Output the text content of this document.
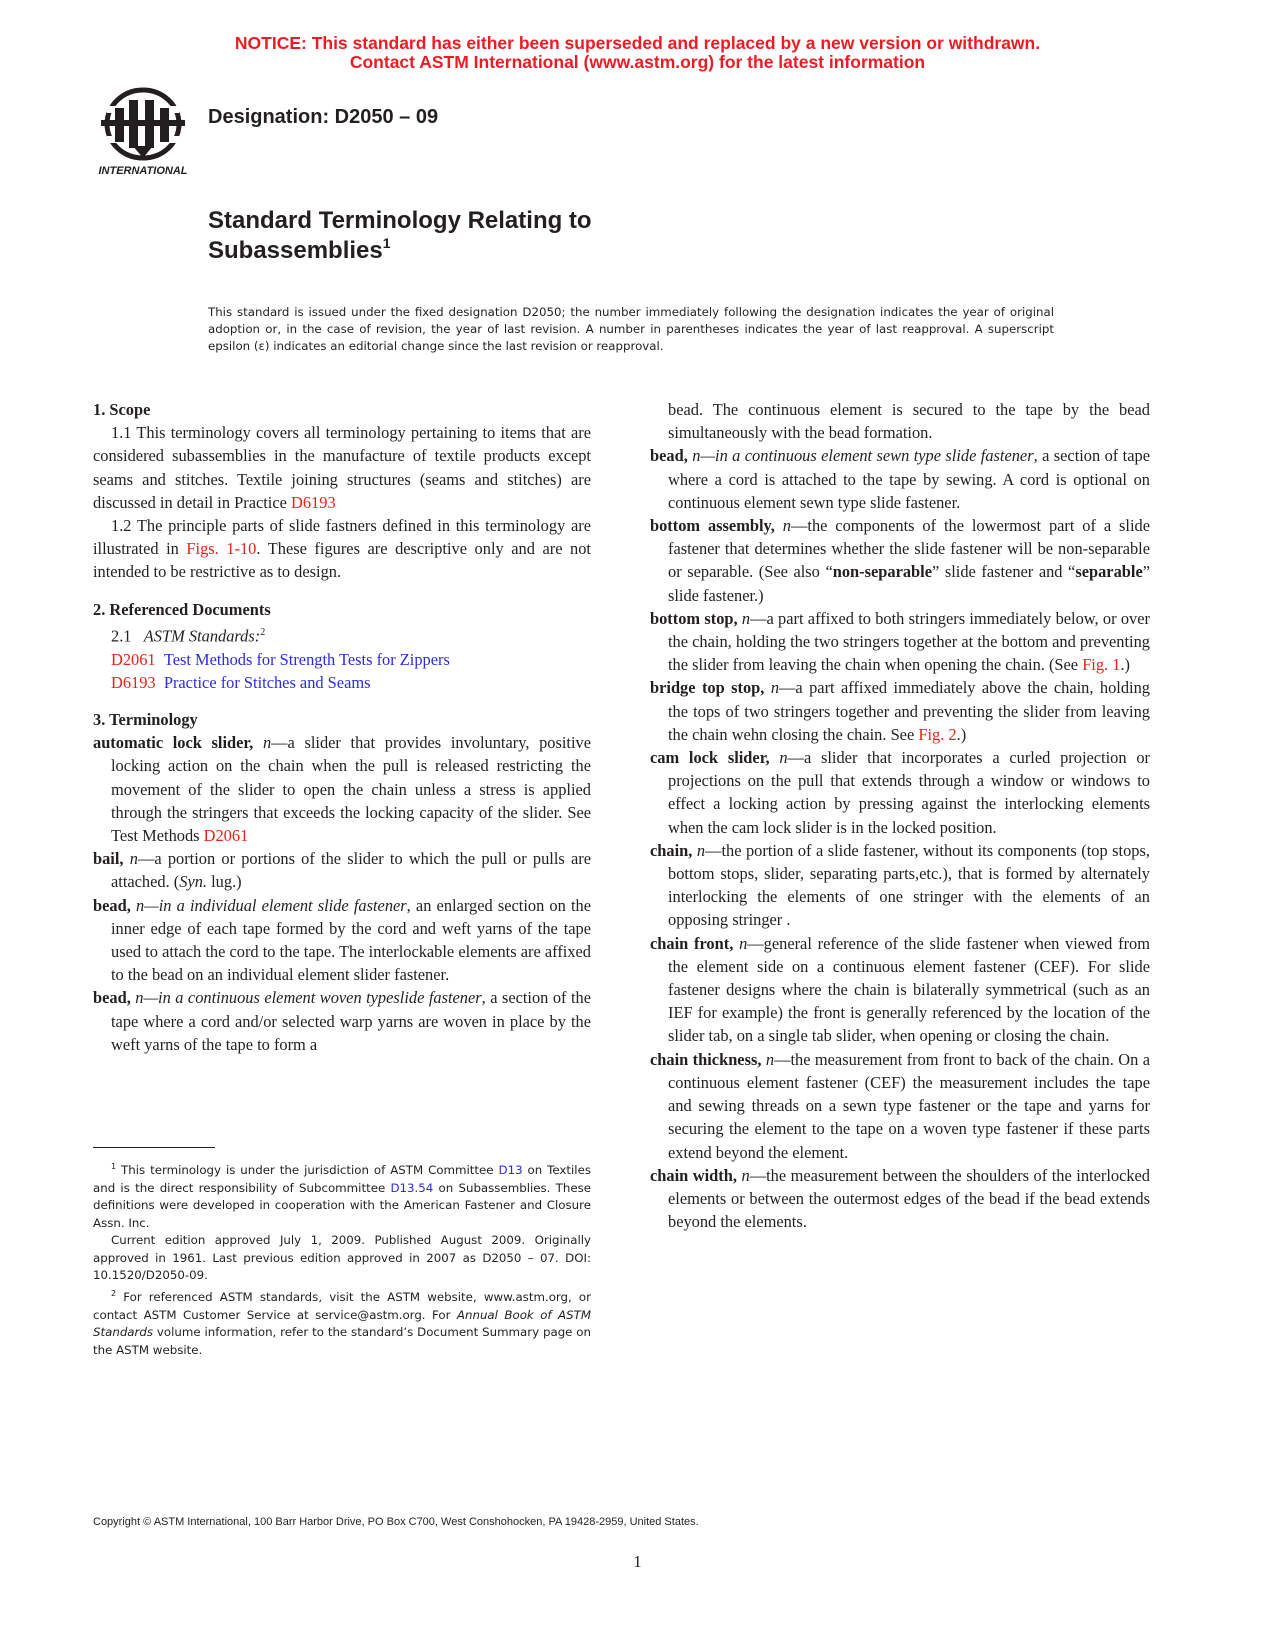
NOTICE: This standard has either been superseded and replaced by a new version or withdrawn.
Contact ASTM International (www.astm.org) for the latest information
INTERNATIONAL
Designation: D2050 – 09
Standard Terminology Relating to
Subassemblies$^1$
This standard is issued under the fixed designation D2050; the number immediately following the designation indicates the year of original adoption or, in the case of revision, the year of last revision. A number in parentheses indicates the year of last reapproval. A superscript epsilon (ε) indicates an editorial change since the last revision or reapproval.

1. Scope

1.1 This terminology covers all terminology pertaining to items that are considered subassemblies in the manufacture of textile products except seams and stitches. Textile joining structures (seams and stitches) are discussed in detail in Practice D6193

1.2 The principle parts of slide fastners defined in this terminology are illustrated in Figs. 1-10. These figures are descriptive only and are not intended to be restrictive as to design.

2. Referenced Documents

2.1 ASTM Standards:$^2$

D2061 Test Methods for Strength Tests for Zippers

D6193 Practice for Stitches and Seams

3. Terminology

automatic lock slider, n—a slider that provides involuntary, positive locking action on the chain when the pull is released restricting the movement of the slider to open the chain unless a stress is applied through the stringers that exceeds the locking capacity of the slider. See Test Methods D2061

bail, n—a portion or portions of the slider to which the pull or pulls are attached. (Syn. lug.)

bead, n—in a individual element slide fastener, an enlarged section on the inner edge of each tape formed by the cord and weft yarns of the tape used to attach the cord to the tape. The interlockable elements are affixed to the bead on an individual element slider fastener.

bead, n—in a continuous element woven typeslide fastener, a section of the tape where a cord and/or selected warp yarns are woven in place by the weft yarns of the tape to form a

$^1$ This terminology is under the jurisdiction of ASTM Committee D13 on Textiles and is the direct responsibility of Subcommittee D13.54 on Subassemblies. These definitions were developed in cooperation with the American Fastener and Closure Assn. Inc.

Current edition approved July 1, 2009. Published August 2009. Originally approved in 1961. Last previous edition approved in 2007 as D2050 – 07. DOI: 10.1520/D2050-09.

$^2$ For referenced ASTM standards, visit the ASTM website, www.astm.org, or contact ASTM Customer Service at service@astm.org. For Annual Book of ASTM Standards volume information, refer to the standard’s Document Summary page on the ASTM website.

bead. The continuous element is secured to the tape by the bead simultaneously with the bead formation.

bead, n—in a continuous element sewn type slide fastener, a section of tape where a cord is attached to the tape by sewing. A cord is optional on continuous element sewn type slide fastener.

bottom assembly, n—the components of the lowermost part of a slide fastener that determines whether the slide fastener will be non-separable or separable. (See also “non-separable” slide fastener and “separable” slide fastener.)

bottom stop, n—a part affixed to both stringers immediately below, or over the chain, holding the two stringers together at the bottom and preventing the slider from leaving the chain when opening the chain. (See Fig. 1.)

bridge top stop, n—a part affixed immediately above the chain, holding the tops of two stringers together and preventing the slider from leaving the chain wehn closing the chain. See Fig. 2.)

cam lock slider, n—a slider that incorporates a curled projection or projections on the pull that extends through a window or windows to effect a locking action by pressing against the interlocking elements when the cam lock slider is in the locked position.

chain, n—the portion of a slide fastener, without its components (top stops, bottom stops, slider, separating parts,etc.), that is formed by alternately interlocking the elements of one stringer with the elements of an opposing stringer .

chain front, n—general reference of the slide fastener when viewed from the element side on a continuous element fastener (CEF). For slide fastener designs where the chain is bilaterally symmetrical (such as an IEF for example) the front is generally referenced by the location of the slider tab, on a single tab slider, when opening or closing the chain.

chain thickness, n—the measurement from front to back of the chain. On a continuous element fastener (CEF) the measurement includes the tape and sewing threads on a sewn type fastener or the tape and yarns for securing the element to the tape on a woven type fastener if these parts extend beyond the element.

chain width, n—the measurement between the shoulders of the interlocked elements or between the outermost edges of the bead if the bead extends beyond the elements.

Copyright © ASTM International, 100 Barr Harbor Drive, PO Box C700, West Conshohocken, PA 19428-2959, United States.
1
